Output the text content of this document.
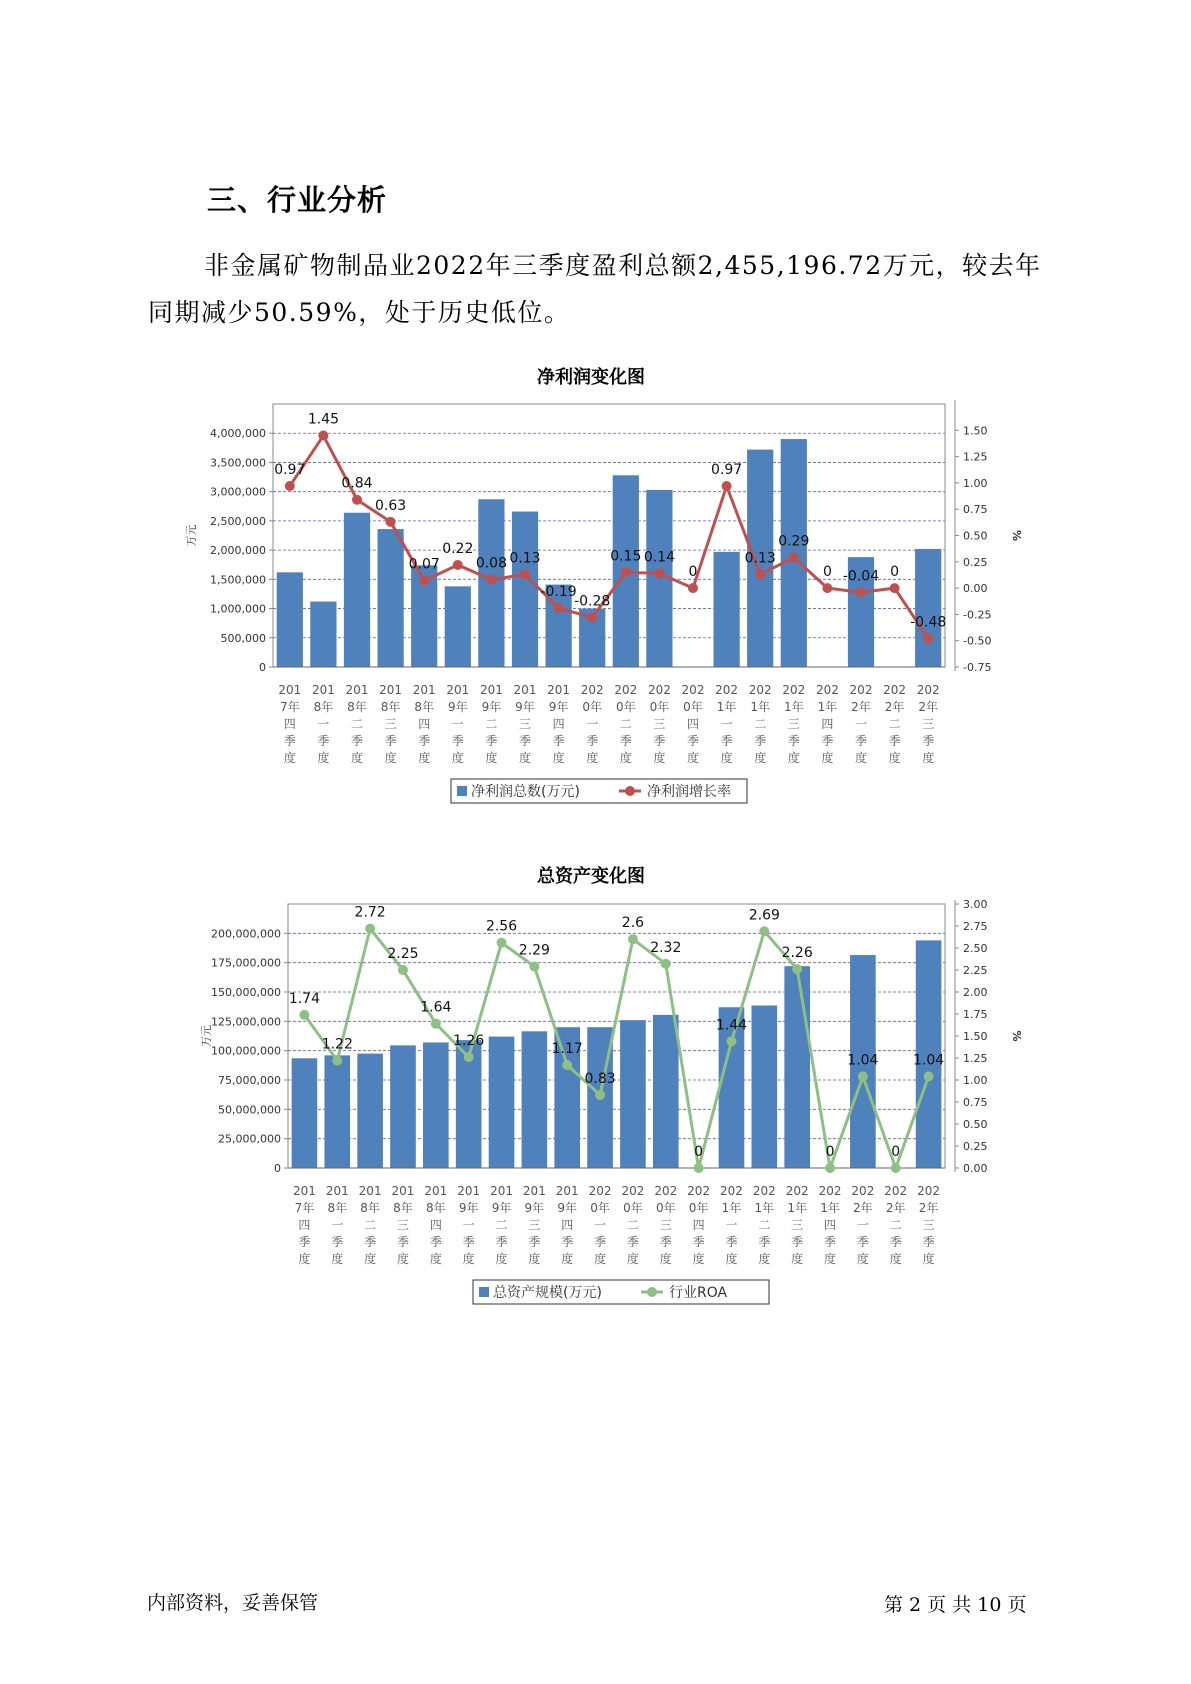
三、行业分析
非金属矿物制品业2022年三季度盈利总额2,455,196.72万元，较去年同期减少50.59%，处于历史低位。
净利润变化图
0
500,000
1,000,000
1,500,000
2,000,000
2,500,000
3,000,000
3,500,000
4,000,000
-0.75
-0.50
-0.25
0.00
0.25
0.50
0.75
1.00
1.25
1.50
万元	%
201
7年
四
季
度
201
8年
一
季
度
201
8年
二
季
度
201
8年
三
季
度
201
8年
四
季
度
201
9年
一
季
度
201
9年
二
季
度
201
9年
三
季
度
201
9年
四
季
度
202
0年
一
季
度
202
0年
二
季
度
202
0年
三
季
度
202
0年
四
季
度
202
1年
一
季
度
202
1年
二
季
度
202
1年
三
季
度
202
1年
四
季
度
202
2年
一
季
度
202
2年
二
季
度
202
2年
三
季
度
0.97
1.45
0.84
0.63
0.07
0.22
0.08 0.13
-0.19
-0.28
0.15 0.14
0
0.97
0.13
0.29
0 -0.04 0
-0.48
净利润总数(万元)	净利润增长率
总资产变化图
0
25,000,000
50,000,000
75,000,000
100,000,000
125,000,000
150,000,000
175,000,000
200,000,000
0.00
0.25
0.50
0.75
1.00
1.25
1.50
1.75
2.00
2.25
2.50
2.75
3.00
万元	%
201
7年
四
季
度
201
8年
一
季
度
201
8年
二
季
度
201
8年
三
季
度
201
8年
四
季
度
201
9年
一
季
度
201
9年
二
季
度
201
9年
三
季
度
201
9年
四
季
度
202
0年
一
季
度
202
0年
二
季
度
202
0年
三
季
度
202
0年
四
季
度
202
1年
一
季
度
202
1年
二
季
度
202
1年
三
季
度
202
1年
四
季
度
202
2年
一
季
度
202
2年
二
季
度
202
2年
三
季
度
1.74
1.22
2.72
2.25
1.64
1.26
2.56
2.29
1.17
0.83
2.6
2.32
0
1.44
2.69
2.26
0
1.04
0
1.04
总资产规模(万元)	行业ROA
内部资料，妥善保管	第 2 页 共 10 页
